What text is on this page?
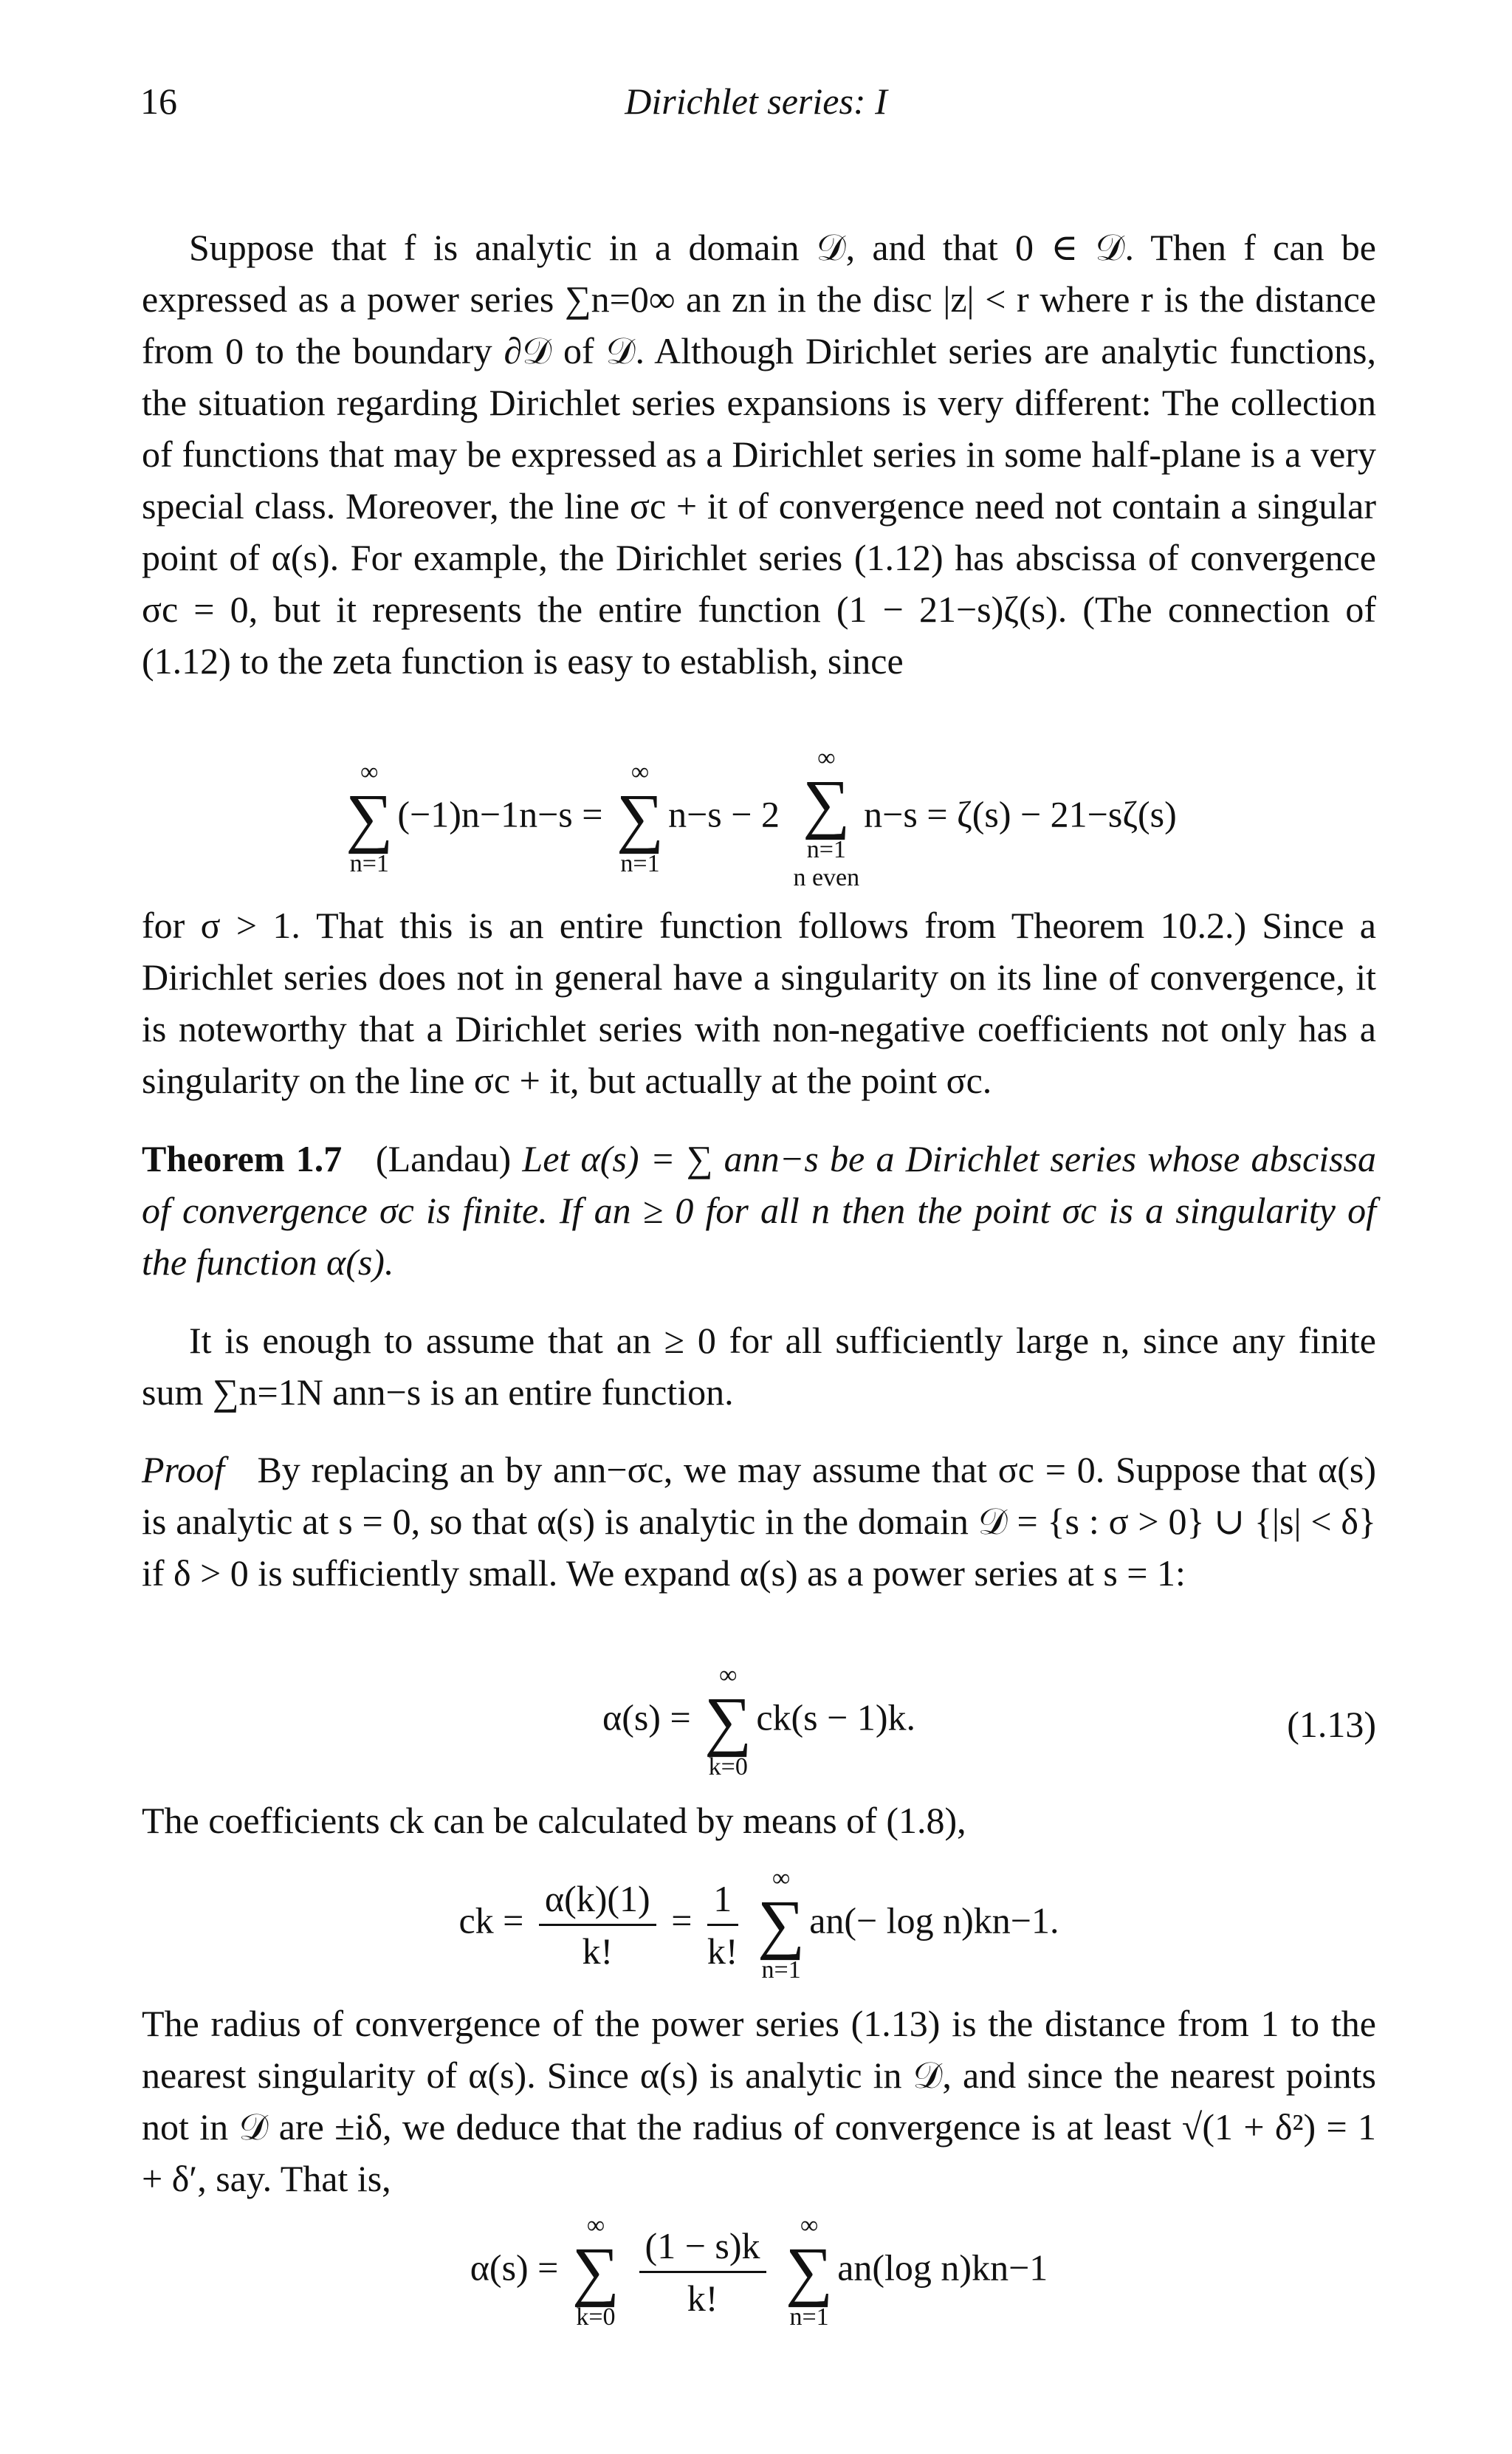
16	Dirichlet series: I
Suppose that f is analytic in a domain 𝒟, and that 0 ∈ 𝒟. Then f can be expressed as a power series ∑n=0∞ an zn in the disc |z| < r where r is the distance from 0 to the boundary ∂𝒟 of 𝒟. Although Dirichlet series are analytic functions, the situation regarding Dirichlet series expansions is very different: The collection of functions that may be expressed as a Dirichlet series in some half-plane is a very special class. Moreover, the line σc + it of convergence need not contain a singular point of α(s). For example, the Dirichlet series (1.12) has abscissa of convergence σc = 0, but it represents the entire function (1 − 21−s)ζ(s). (The connection of (1.12) to the zeta function is easy to establish, since
∞
∑
n=1
(−1)n−1n−s =
∞
∑
n=1
n−s − 2
∞
∑
n=1
n even
n−s = ζ(s) − 21−sζ(s)
for σ > 1. That this is an entire function follows from Theorem 10.2.) Since a Dirichlet series does not in general have a singularity on its line of convergence, it is noteworthy that a Dirichlet series with non-negative coefficients not only has a singularity on the line σc + it, but actually at the point σc.
Theorem 1.7 (Landau) Let α(s) = ∑ ann−s be a Dirichlet series whose abscissa of convergence σc is finite. If an ≥ 0 for all n then the point σc is a singularity of the function α(s).
It is enough to assume that an ≥ 0 for all sufficiently large n, since any finite sum ∑n=1N ann−s is an entire function.
Proof By replacing an by ann−σc, we may assume that σc = 0. Suppose that α(s) is analytic at s = 0, so that α(s) is analytic in the domain 𝒟 = {s : σ > 0} ∪ {|s| < δ} if δ > 0 is sufficiently small. We expand α(s) as a power series at s = 1:
α(s) =
∞
∑
k=0
ck(s − 1)k.	(1.13)
The coefficients ck can be calculated by means of (1.8),
ck = $\frac{\alpha(k)(1)}{k!} = \frac{1}{k!}$
	∞
∑
n=1
an(− log n)kn−1.
The radius of convergence of the power series (1.13) is the distance from 1 to the nearest singularity of α(s). Since α(s) is analytic in 𝒟, and since the nearest points not in 𝒟 are ±iδ, we deduce that the radius of convergence is at least √(1 + δ²) = 1 + δ′, say. That is,
α(s) =
∞
∑
k=0
$\frac{(1 - s)k}{k!}$
	∞
∑
n=1
an(log n)kn−1
